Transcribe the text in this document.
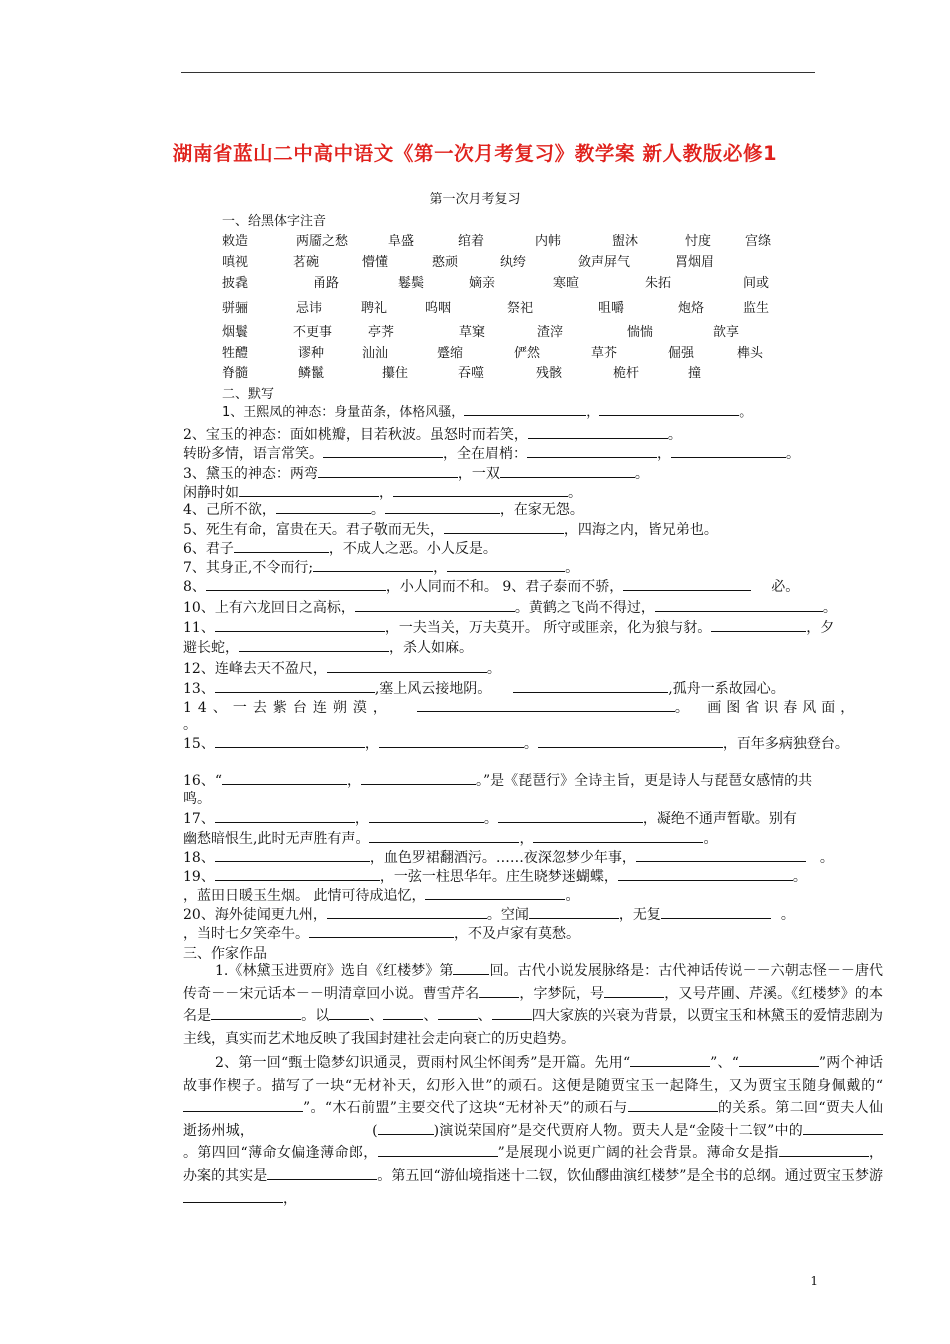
湖南省蓝山二中高中语文《第一次月考复习》教学案 新人教版必修1
第一次月考复习
一、给黑体字注音
敕造	两靥之愁	阜盛	绾着	内帏	盥沐	忖度	宫绦
嗔视	茗碗	懵懂	憨顽	纨绔	敛声屏气	罥烟眉
披毳	甬路	鬈鬓	嫡亲	寒暄	朱拓	间或
骈骊	忌讳	聘礼	呜咽	祭祀	咀嚼	炮烙	监生
烟鬟	不更事	亭荠	草窠	渣滓	惴惴	歆享
牲醴	谬种	汕汕	蹙缩	俨然	草芥	倔强	榫头
脊髓	鳞鬣	攥住	吞噬	残骸	桅杆	撞
二、默写
1、王熙凤的神态：身量苗条，体格风骚，	，	。
2、宝玉的神态：面如桃瓣，目若秋波。虽怒时而若笑，	。
转盼多情，语言常笑。	，全在眉梢：	，	。
3、黛玉的神态：两弯	，一双	。
闲静时如	，	。
4、己所不欲，	。	，在家无怨。
5、死生有命，富贵在天。君子敬而无失，	，四海之内，皆兄弟也。
6、君子	，不成人之恶。小人反是。
7、其身正,不令而行;	，	。
8、	，小人同而不和。 9、君子泰而不骄，	必。
10、上有六龙回日之高标，	。黄鹤之飞尚不得过，	。
11、	，一夫当关，万夫莫开。 所守或匪亲，化为狼与豺。	，夕
避长蛇，	，杀人如麻。
12、连峰去天不盈尺，	。
13、	,塞上风云接地阴。	,孤舟一系故园心。
14、一去紫台连朔漠，	。 画图省识春风面，
。
15、	，	。	，百年多病独登台。
16、“	，	。”是《琵琶行》全诗主旨，更是诗人与琵琶女感情的共
鸣。
17、	，	。	，凝绝不通声暂歇。别有
幽愁暗恨生,此时无声胜有声。	，	。
18、	，血色罗裙翻酒污。……夜深忽梦少年事，	。
19、	，一弦一柱思华年。庄生晓梦迷蝴蝶，	。
，蓝田日暖玉生烟。 此情可待成追忆，	。
20、海外徒闻更九州，	。空闻	，无复	。
，当时七夕笑牵牛。	，不及卢家有莫愁。
三、作家作品
1.《林黛玉进贾府》选自《红楼梦》第	回。古代小说发展脉络是：古代神话传说－－六朝志怪－－唐代传奇－－宋元话本－－明清章回小说。曹雪芹名	，字梦阮，号	，又号芹圃、芹溪。《红楼梦》的本名是	。以	、	、	、	四大家族的兴衰为背景，以贾宝玉和林黛玉的爱情悲剧为主线，真实而艺术地反映了我国封建社会走向衰亡的历史趋势。
2、第一回“甄士隐梦幻识通灵，贾雨村风尘怀闺秀”是开篇。先用“	”、“	”两个神话故事作楔子。描写了一块“无材补天，幻形入世”的顽石。这便是随贾宝玉一起降生，又为贾宝玉随身佩戴的“”。“木石前盟”主要交代了这块“无材补天”的顽石与	的关系。第二回“贾夫人仙逝扬州城，	(	)演说荣国府”是交代贾府人物。贾夫人是“金陵十二钗”中的。第四回“薄命女偏逢薄命郎，	”是展现小说更广阔的社会背景。薄命女是指	，办案的其实是	。第五回“游仙境指迷十二钗，饮仙醪曲演红楼梦”是全书的总纲。通过贾宝玉梦游，
1
